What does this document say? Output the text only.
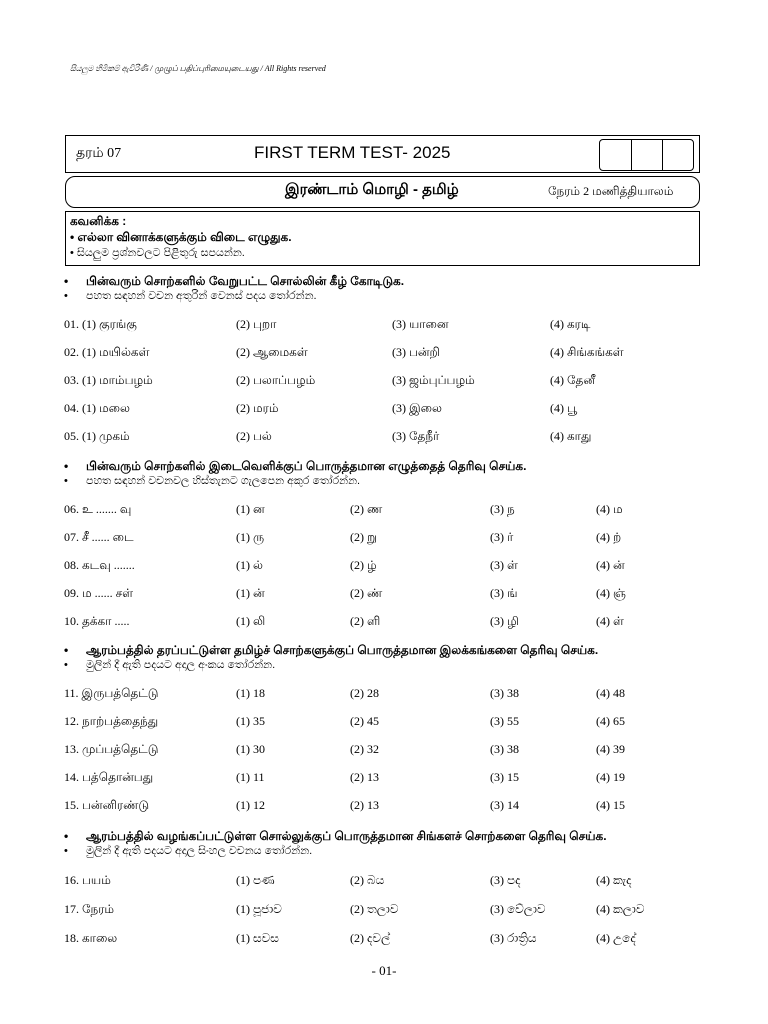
සියලුම හිමිකම් ඇවිරිණි / முழுப் பதிப்புரிமையுடையது / All Rights reserved
தரம் 07	FIRST TERM TEST- 2025
இரண்டாம் மொழி - தமிழ்	நேரம் 2 மணித்தியாலம்
கவனிக்க :
• எல்லா வினாக்களுக்கும் விடை எழுதுக.
• සියලුම ප්‍රශ්නවලට පිළිතුරු සපයන්න.
• பின்வரும் சொற்களில் வேறுபட்ட சொல்லின் கீழ் கோடிடுக.
• පහත සඳහන් වචන අතුරින් වෙනස් පදය තෝරන්න.
01. (1) குரங்கு	(2) புறா	(3) யானை	(4) கரடி
02. (1) மயில்கள்	(2) ஆமைகள்	(3) பன்றி	(4) சிங்கங்கள்
03. (1) மாம்பழம்	(2) பலாப்பழம்	(3) ஜம்புப்பழம்	(4) தேனீ
04. (1) மலை	(2) மரம்	(3) இலை	(4) பூ
05. (1) முகம்	(2) பல்	(3) தேநீர்	(4) காது
• பின்வரும் சொற்களில் இடைவெளிக்குப் பொருத்தமான எழுத்தைத் தெரிவு செய்க.
• පහත සඳහන් වචනවල හිස්තැනට ගැලපෙන අකුර තෝරන්න.
06. உ ....... வு	(1) ன	(2) ண	(3) ந	(4) ம
07. சீ ...... டை	(1) ரு	(2) று	(3) ர்	(4) ற்
08. கடவு .......	(1) ல்	(2) ழ்	(3) ள்	(4) ன்
09. ம ...... சள்	(1) ன்	(2) ண்	(3) ங்	(4) ஞ்
10. தக்கா .....	(1) லி	(2) ளி	(3) ழி	(4) ள்
• ஆரம்பத்தில் தரப்பட்டுள்ள தமிழ்ச் சொற்களுக்குப் பொருத்தமான இலக்கங்களை தெரிவு செய்க.
• මුලින් දී ඇති පදයට අදාල අංකය තෝරන්න.
11. இருபத்தெட்டு	(1) 18	(2) 28	(3) 38	(4) 48
12. நாற்பத்தைந்து	(1) 35	(2) 45	(3) 55	(4) 65
13. முப்பத்தெட்டு	(1) 30	(2) 32	(3) 38	(4) 39
14. பத்தொன்பது	(1) 11	(2) 13	(3) 15	(4) 19
15. பன்னிரண்டு	(1) 12	(2) 13	(3) 14	(4) 15
• ஆரம்பத்தில் வழங்கப்பட்டுள்ள சொல்லுக்குப் பொருத்தமான சிங்களச் சொற்களை தெரிவு செய்க.
• මුලින් දී ඇති පදයට අදාල සිංහල වචනය තෝරන්න.
16. பயம்	(1) පණ	(2) බය	(3) පද	(4) කැද
17. நேரம்	(1) පූජාව	(2) තලාව	(3) වේලාව	(4) කලාව
18. காலை	(1) සවස	(2) දවල්	(3) රාත්‍රිය	(4) උදේ
- 01-
